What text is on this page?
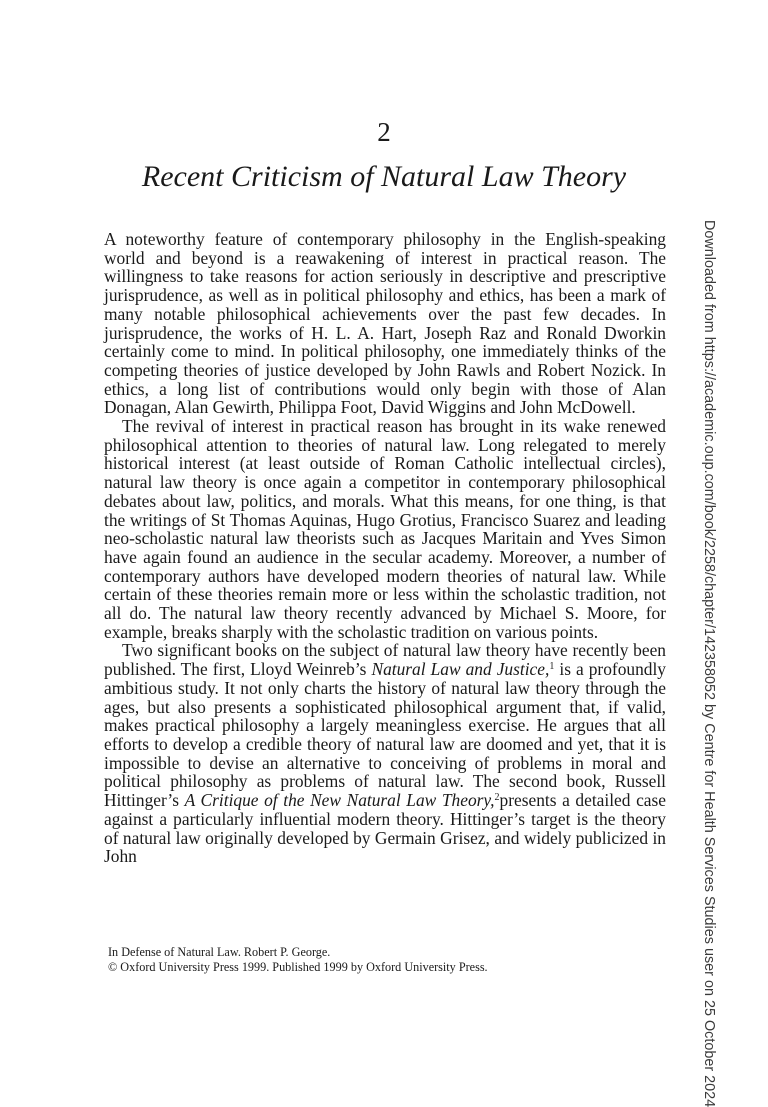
2
Recent Criticism of Natural Law Theory

A noteworthy feature of contemporary philosophy in the English-speaking world and beyond is a reawakening of interest in practical reason. The willingness to take reasons for action seriously in descriptive and prescriptive jurisprudence, as well as in political philosophy and ethics, has been a mark of many notable philosophical achievements over the past few decades. In jurisprudence, the works of H. L. A. Hart, Joseph Raz and Ronald Dworkin certainly come to mind. In political philosophy, one immediately thinks of the competing theories of justice developed by John Rawls and Robert Nozick. In ethics, a long list of contributions would only begin with those of Alan Donagan, Alan Gewirth, Philippa Foot, David Wiggins and John McDowell.

The revival of interest in practical reason has brought in its wake renewed philosophical attention to theories of natural law. Long relegated to merely historical interest (at least outside of Roman Catholic intellectual circles), natural law theory is once again a competitor in contemporary philosophical debates about law, politics, and morals. What this means, for one thing, is that the writings of St Thomas Aquinas, Hugo Grotius, Francisco Suarez and leading neo-scholastic natural law theorists such as Jacques Maritain and Yves Simon have again found an audience in the secular academy. Moreover, a number of contemporary authors have developed modern theories of natural law. While certain of these theories remain more or less within the scholastic tradition, not all do. The natural law theory recently advanced by Michael S. Moore, for example, breaks sharply with the scholastic tradition on various points.

Two significant books on the subject of natural law theory have recently been published. The first, Lloyd Weinreb’s Natural Law and Justice,$^1$ is a profoundly ambitious study. It not only charts the history of natural law theory through the ages, but also presents a sophisticated philosophical argument that, if valid, makes practical philosophy a largely meaningless exercise. He argues that all efforts to develop a credible theory of natural law are doomed and yet, that it is impossible to devise an alternative to conceiving of problems in moral and political philosophy as problems of natural law. The second book, Russell Hittinger’s A Critique of the New Natural Law Theory,$^2$presents a detailed case against a particularly influential modern theory. Hittinger’s target is the theory of natural law originally developed by Germain Grisez, and widely publicized in John

In Defense of Natural Law. Robert P. George.
© Oxford University Press 1999. Published 1999 by Oxford University Press.	Downloaded from https://academic.oup.com/book/2258/chapter/142358052 by Centre for Health Services Studies user on 25 October 2024
